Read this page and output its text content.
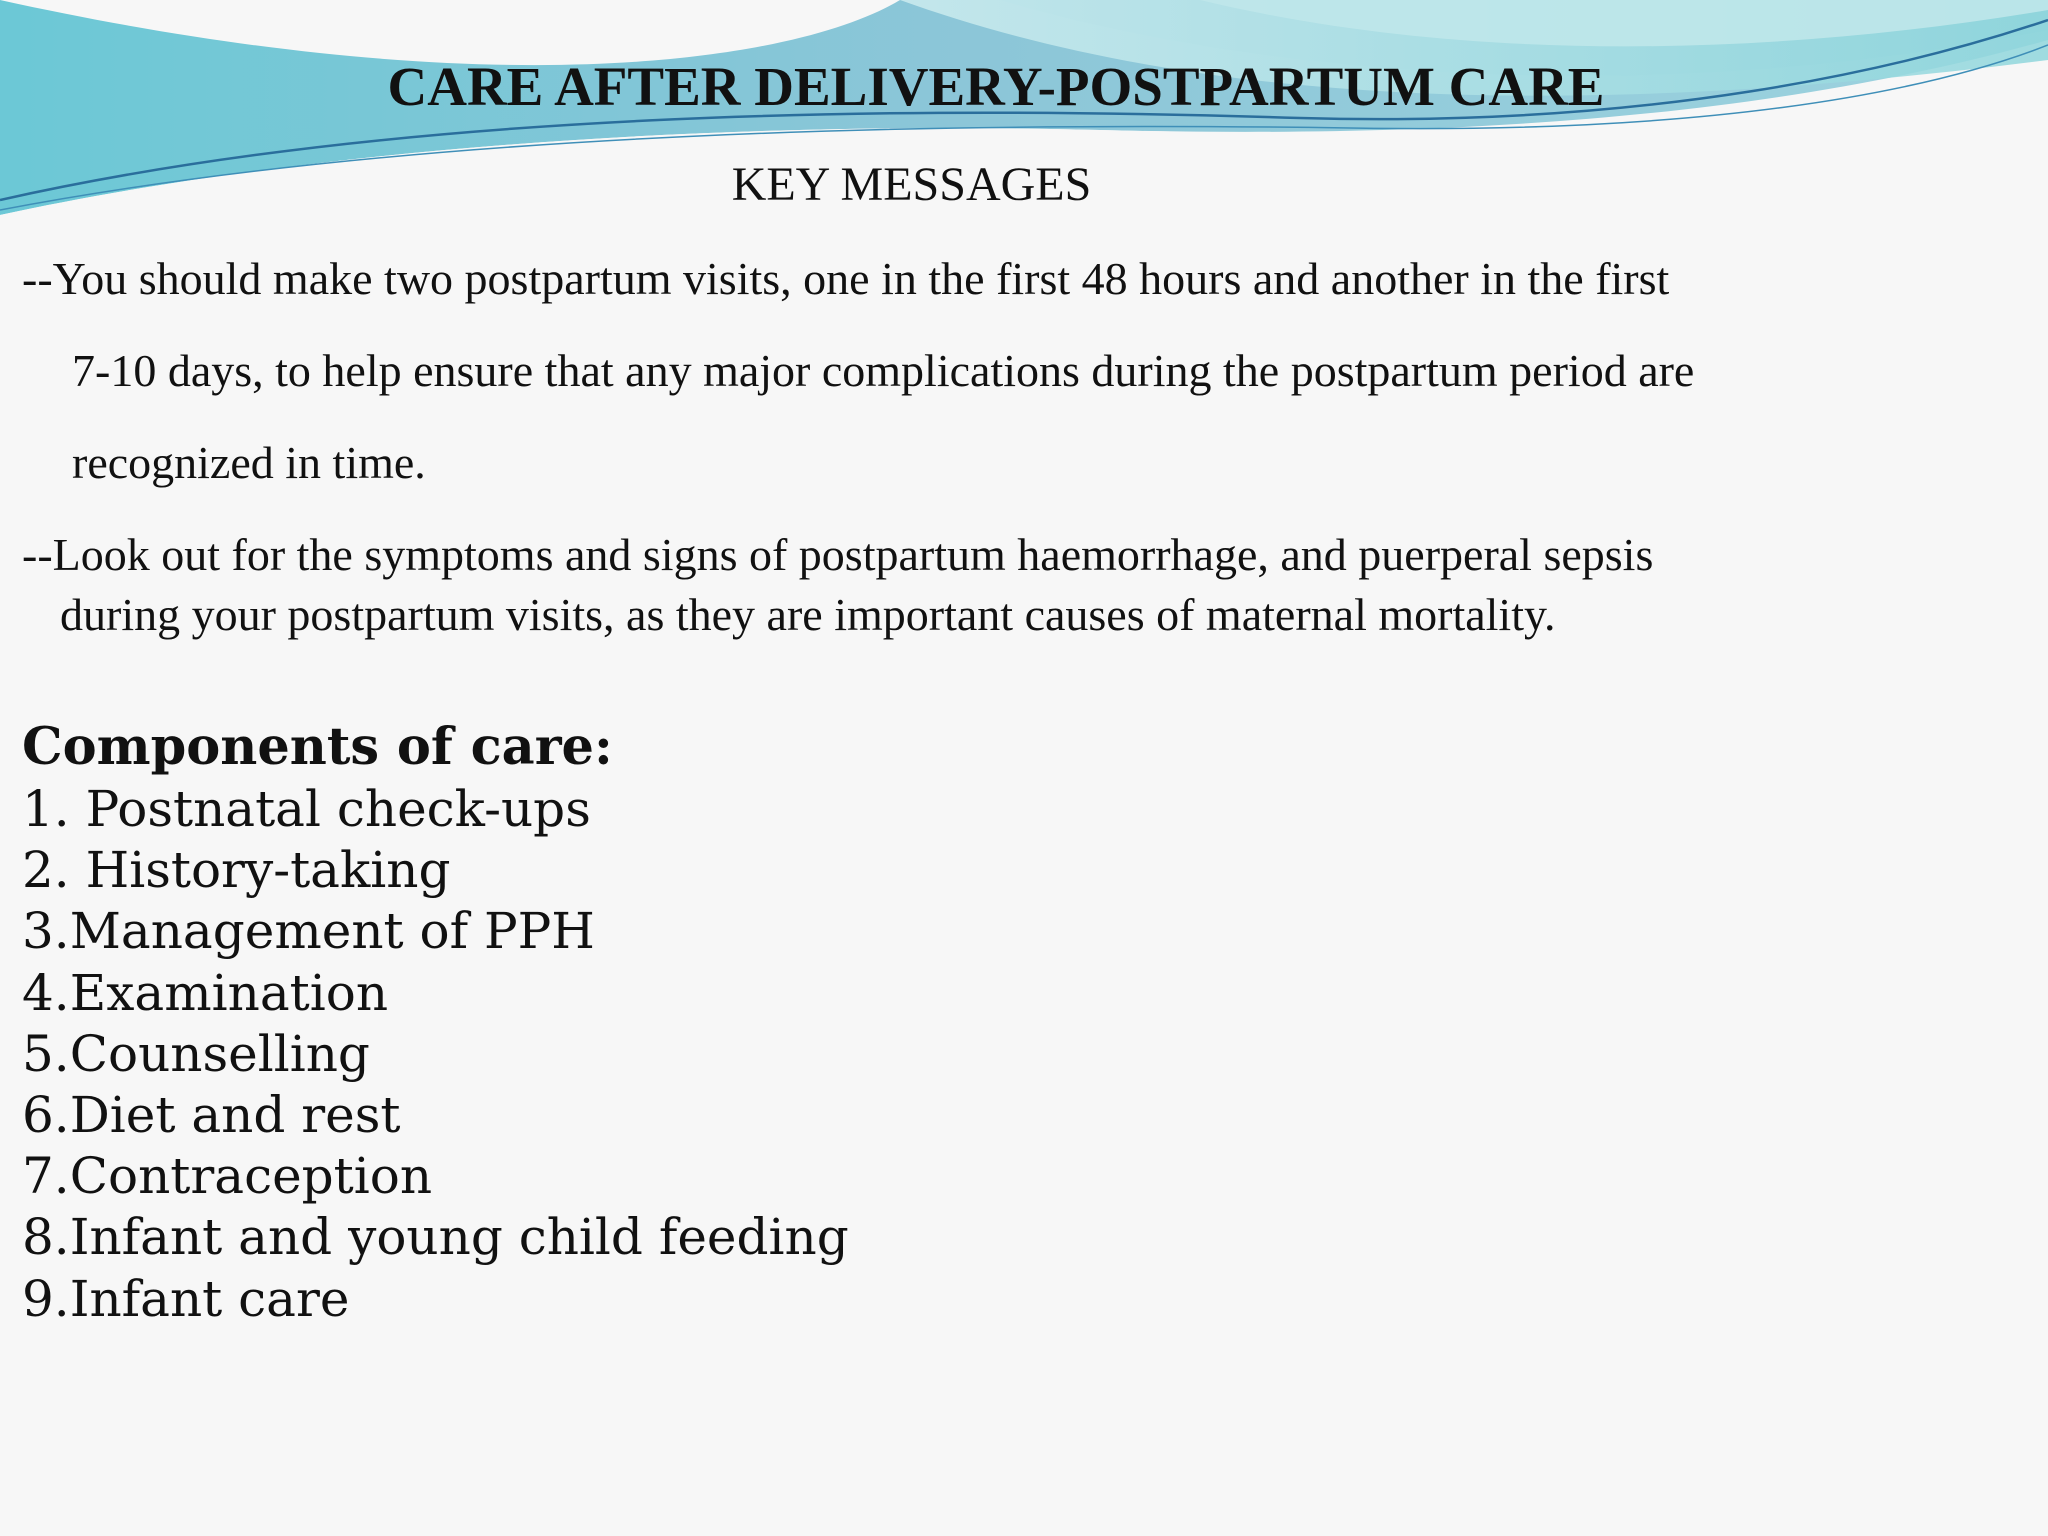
CARE AFTER DELIVERY-POSTPARTUM CARE
KEY MESSAGES

--You should make two postpartum visits, one in the first 48 hours and another in the first
7-10 days, to help ensure that any major complications during the postpartum period are
recognized in time.

--Look out for the symptoms and signs of postpartum haemorrhage, and puerperal sepsis
during your postpartum visits, as they are important causes of maternal mortality.

Components of care:
1. Postnatal check-ups
2. History-taking
3.Management of PPH
4.Examination
5.Counselling
6.Diet and rest
7.Contraception
8.Infant and young child feeding
9.Infant care
